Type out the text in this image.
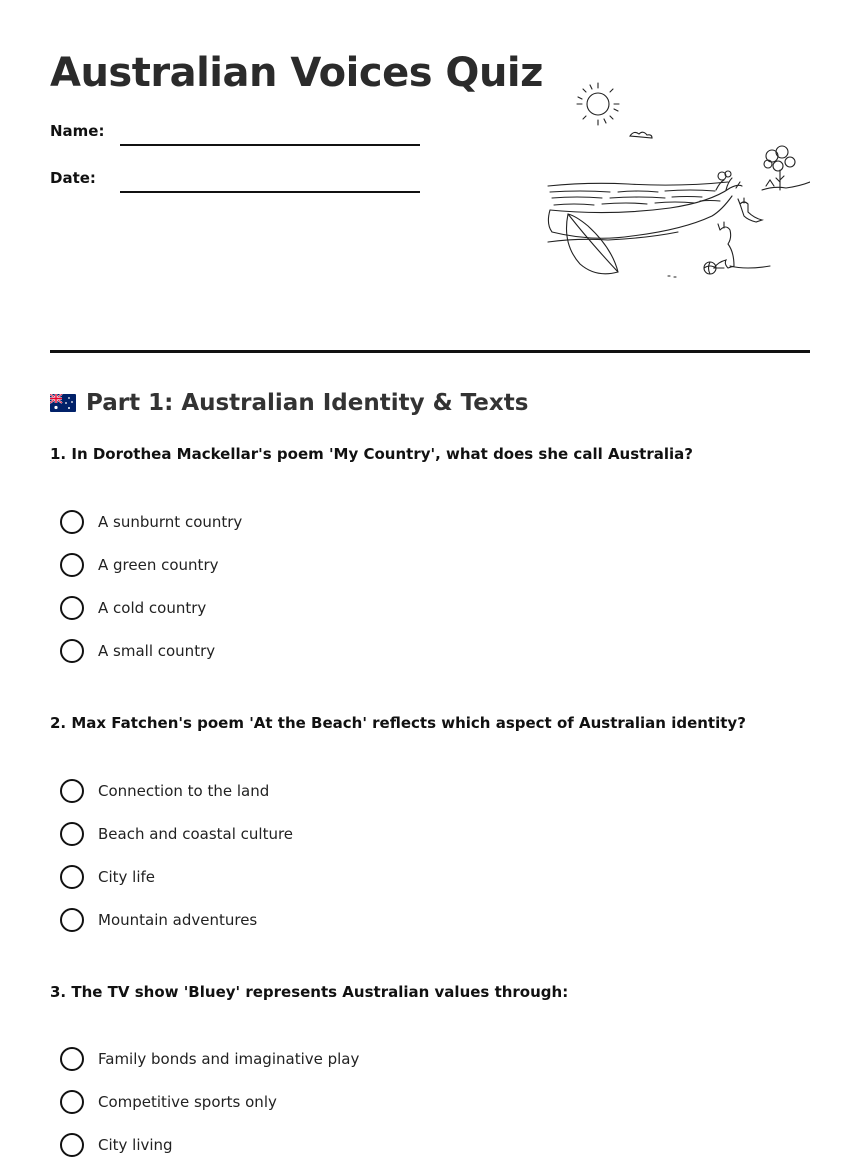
Australian Voices Quiz
Name:
Date:
Part 1: Australian Identity & Texts

1. In Dorothea Mackellar's poem 'My Country', what does she call Australia?

A sunburnt country
A green country
A cold country
A small country

2. Max Fatchen's poem 'At the Beach' reflects which aspect of Australian identity?

Connection to the land
Beach and coastal culture
City life
Mountain adventures

3. The TV show 'Bluey' represents Australian values through:

Family bonds and imaginative play
Competitive sports only
City living
